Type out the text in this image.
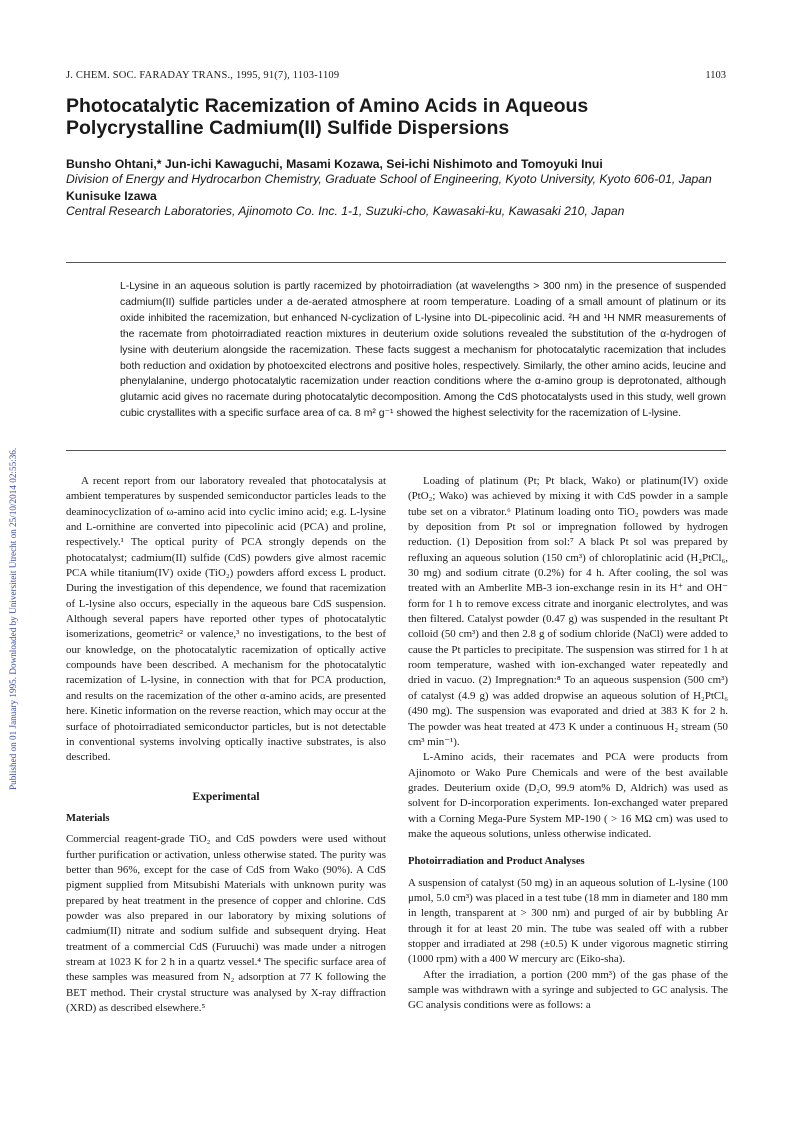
Published on 01 January 1995. Downloaded by Universiteit Utrecht on 25/10/2014 02:55:36.
J. CHEM. SOC. FARADAY TRANS., 1995, 91(7), 1103-1109	1103
Photocatalytic Racemization of Amino Acids in Aqueous
Polycrystalline Cadmium(II) Sulfide Dispersions
Bunsho Ohtani,* Jun-ichi Kawaguchi, Masami Kozawa, Sei-ichi Nishimoto and Tomoyuki Inui
Division of Energy and Hydrocarbon Chemistry, Graduate School of Engineering, Kyoto University, Kyoto 606-01, Japan
Kunisuke Izawa
Central Research Laboratories, Ajinomoto Co. Inc. 1-1, Suzuki-cho, Kawasaki-ku, Kawasaki 210, Japan
L-Lysine in an aqueous solution is partly racemized by photoirradiation (at wavelengths > 300 nm) in the presence of suspended cadmium(II) sulfide particles under a de-aerated atmosphere at room temperature. Loading of a small amount of platinum or its oxide inhibited the racemization, but enhanced N-cyclization of L-lysine into DL-pipecolinic acid. ²H and ¹H NMR measurements of the racemate from photoirradiated reaction mixtures in deuterium oxide solutions revealed the substitution of the α-hydrogen of lysine with deuterium alongside the racemization. These facts suggest a mechanism for photocatalytic racemization that includes both reduction and oxidation by photoexcited electrons and positive holes, respectively. Similarly, the other amino acids, leucine and phenylalanine, undergo photocatalytic racemization under reaction conditions where the α-amino group is deprotonated, although glutamic acid gives no racemate during photocatalytic decomposition. Among the CdS photocatalysts used in this study, well grown cubic crystallites with a specific surface area of ca. 8 m² g⁻¹ showed the highest selectivity for the racemization of L-lysine.

A recent report from our laboratory revealed that photocatalysis at ambient temperatures by suspended semiconductor particles leads to the deaminocyclization of ω-amino acid into cyclic imino acid; e.g. L-lysine and L-ornithine are converted into pipecolinic acid (PCA) and proline, respectively.¹ The optical purity of PCA strongly depends on the photocatalyst; cadmium(II) sulfide (CdS) powders give almost racemic PCA while titanium(IV) oxide (TiO₂) powders afford excess L product. During the investigation of this dependence, we found that racemization of L-lysine also occurs, especially in the aqueous bare CdS suspension. Although several papers have reported other types of photocatalytic isomerizations, geometric² or valence,³ no investigations, to the best of our knowledge, on the photocatalytic racemization of optically active compounds have been described. A mechanism for the photocatalytic racemization of L-lysine, in connection with that for PCA production, and results on the racemization of the other α-amino acids, are presented here. Kinetic information on the reverse reaction, which may occur at the surface of photoirradiated semiconductor particles, but is not detectable in conventional systems involving optically inactive substrates, is also described.

Experimental
Materials

Commercial reagent-grade TiO₂ and CdS powders were used without further purification or activation, unless otherwise stated. The purity was better than 96%, except for the case of CdS from Wako (90%). A CdS pigment supplied from Mitsubishi Materials with unknown purity was prepared by heat treatment in the presence of copper and chlorine. CdS powder was also prepared in our laboratory by mixing solutions of cadmium(II) nitrate and sodium sulfide and subsequent drying. Heat treatment of a commercial CdS (Furuuchi) was made under a nitrogen stream at 1023 K for 2 h in a quartz vessel.⁴ The specific surface area of these samples was measured from N₂ adsorption at 77 K following the BET method. Their crystal structure was analysed by X-ray diffraction (XRD) as described elsewhere.⁵

Loading of platinum (Pt; Pt black, Wako) or platinum(IV) oxide (PtO₂; Wako) was achieved by mixing it with CdS powder in a sample tube set on a vibrator.⁶ Platinum loading onto TiO₂ powders was made by deposition from Pt sol or impregnation followed by hydrogen reduction. (1) Deposition from sol:⁷ A black Pt sol was prepared by refluxing an aqueous solution (150 cm³) of chloroplatinic acid (H₂PtCl₆, 30 mg) and sodium citrate (0.2%) for 4 h. After cooling, the sol was treated with an Amberlite MB-3 ion-exchange resin in its H⁺ and OH⁻ form for 1 h to remove excess citrate and inorganic electrolytes, and was then filtered. Catalyst powder (0.47 g) was suspended in the resultant Pt colloid (50 cm³) and then 2.8 g of sodium chloride (NaCl) were added to cause the Pt particles to precipitate. The suspension was stirred for 1 h at room temperature, washed with ion-exchanged water repeatedly and dried in vacuo. (2) Impregnation:⁸ To an aqueous suspension (500 cm³) of catalyst (4.9 g) was added dropwise an aqueous solution of H₂PtCl₆ (490 mg). The suspension was evaporated and dried at 383 K for 2 h. The powder was heat treated at 473 K under a continuous H₂ stream (50 cm³ min⁻¹).

L-Amino acids, their racemates and PCA were products from Ajinomoto or Wako Pure Chemicals and were of the best available grades. Deuterium oxide (D₂O, 99.9 atom% D, Aldrich) was used as solvent for D-incorporation experiments. Ion-exchanged water prepared with a Corning Mega-Pure System MP-190 ( > 16 MΩ cm) was used to make the aqueous solutions, unless otherwise indicated.

Photoirradiation and Product Analyses

A suspension of catalyst (50 mg) in an aqueous solution of L-lysine (100 μmol, 5.0 cm³) was placed in a test tube (18 mm in diameter and 180 mm in length, transparent at > 300 nm) and purged of air by bubbling Ar through it for at least 20 min. The tube was sealed off with a rubber stopper and irradiated at 298 (±0.5) K under vigorous magnetic stirring (1000 rpm) with a 400 W mercury arc (Eiko-sha).

After the irradiation, a portion (200 mm³) of the gas phase of the sample was withdrawn with a syringe and subjected to GC analysis. The GC analysis conditions were as follows: a
